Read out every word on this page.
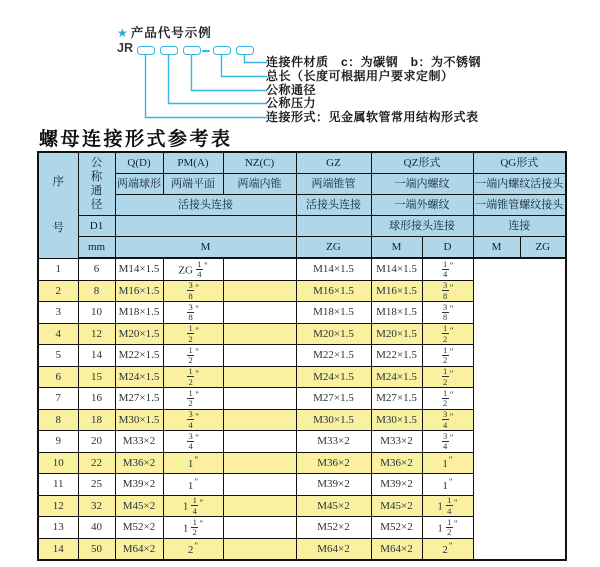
★ 产品代号示例
JR
连接件材质　c：为碳钢　b：为不锈钢
总长（长度可根据用户要求定制）
公称通径
公称压力
连接形式：见金属软管常用结构形式表
螺母连接形式参考表
序号	公称通径	Q(D)	PM(A)	NZ(C)	GZ	QZ形式		QG形式	
		两端球形	两端平面	两端内锥	两端锥管	一端内螺纹		一端内螺纹活接头	
		活接头连接			活接头连接	一端外螺纹		一端锥管螺纹接头	
	D1					球形接头连接		连接	
	mm	M			ZG	M	D	M	ZG
1	6	M14×1.5	ZG $\frac{1}{4} ^"$		M14×1.5	M14×1.5	$\frac{1}{4} ^"$
2	8	M16×1.5	$\frac{3}{8} ^"$		M16×1.5	M16×1.5	$\frac{3}{8} ^"$
3	10	M18×1.5	$\frac{3}{8} ^"$		M18×1.5	M18×1.5	$\frac{3}{8} ^"$
4	12	M20×1.5	$\frac{1}{2} ^"$		M20×1.5	M20×1.5	$\frac{1}{2} ^"$
5	14	M22×1.5	$\frac{1}{2} ^"$		M22×1.5	M22×1.5	$\frac{1}{2} ^"$
6	15	M24×1.5	$\frac{1}{2} ^"$		M24×1.5	M24×1.5	$\frac{1}{2} ^"$
7	16	M27×1.5	$\frac{1}{2} ^"$		M27×1.5	M27×1.5	$\frac{1}{2} ^"$
8	18	M30×1.5	$\frac{3}{4} ^"$		M30×1.5	M30×1.5	$\frac{3}{4} ^"$
9	20	M33×2	$\frac{3}{4} ^"$		M33×2	M33×2	$\frac{3}{4} ^"$
10	22	M36×2	1"		M36×2	M36×2	1"
11	25	M39×2	1"		M39×2	M39×2	1"
12	32	M45×2	$1 \frac{1}{4} ^"$		M45×2	M45×2	$1 \frac{1}{4} ^"$
13	40	M52×2	$1 \frac{1}{2} ^"$		M52×2	M52×2	$1 \frac{1}{2} ^"$
14	50	M64×2	2"		M64×2	M64×2	2"
